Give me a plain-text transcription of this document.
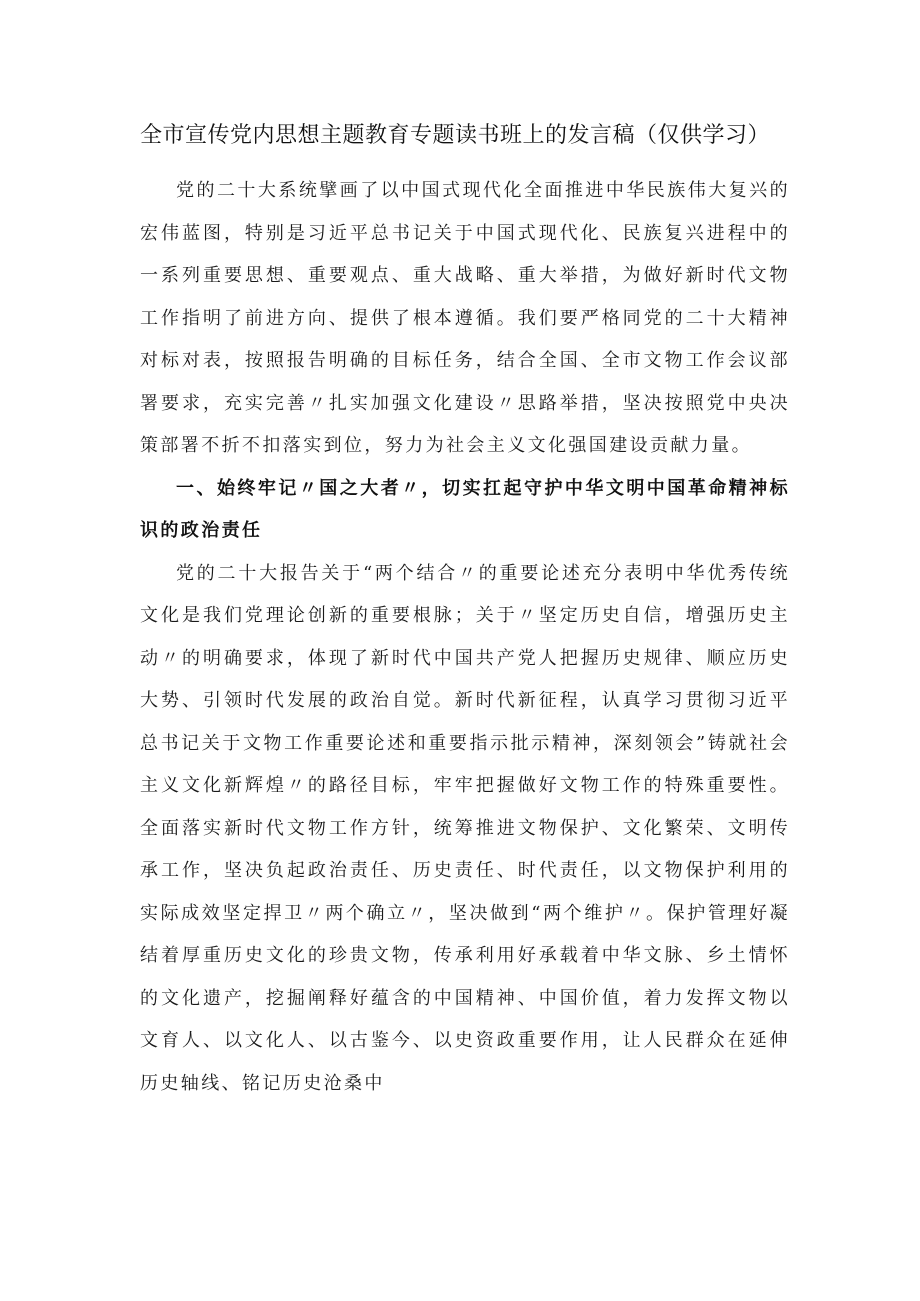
全市宣传党内思想主题教育专题读书班上的发言稿（仅供学习）

党的二十大系统擘画了以中国式现代化全面推进中华民族伟大复兴的宏伟蓝图，特别是习近平总书记关于中国式现代化、民族复兴进程中的一系列重要思想、重要观点、重大战略、重大举措，为做好新时代文物工作指明了前进方向、提供了根本遵循。我们要严格同党的二十大精神对标对表，按照报告明确的目标任务，结合全国、全市文物工作会议部署要求，充实完善〃扎实加强文化建设〃思路举措，坚决按照党中央决策部署不折不扣落实到位，努力为社会主义文化强国建设贡献力量。

一、始终牢记〃国之大者〃，切实扛起守护中华文明中国革命精神标识的政治责任

党的二十大报告关于“两个结合〃的重要论述充分表明中华优秀传统文化是我们党理论创新的重要根脉；关于〃坚定历史自信，增强历史主动〃的明确要求，体现了新时代中国共产党人把握历史规律、顺应历史大势、引领时代发展的政治自觉。新时代新征程，认真学习贯彻习近平总书记关于文物工作重要论述和重要指示批示精神，深刻领会”铸就社会主义文化新辉煌〃的路径目标，牢牢把握做好文物工作的特殊重要性。全面落实新时代文物工作方针，统筹推进文物保护、文化繁荣、文明传承工作，坚决负起政治责任、历史责任、时代责任，以文物保护利用的实际成效坚定捍卫〃两个确立〃，坚决做到“两个维护〃。保护管理好凝结着厚重历史文化的珍贵文物，传承利用好承载着中华文脉、乡土情怀的文化遗产，挖掘阐释好蕴含的中国精神、中国价值，着力发挥文物以文育人、以文化人、以古鉴今、以史资政重要作用，让人民群众在延伸历史轴线、铭记历史沧桑中
